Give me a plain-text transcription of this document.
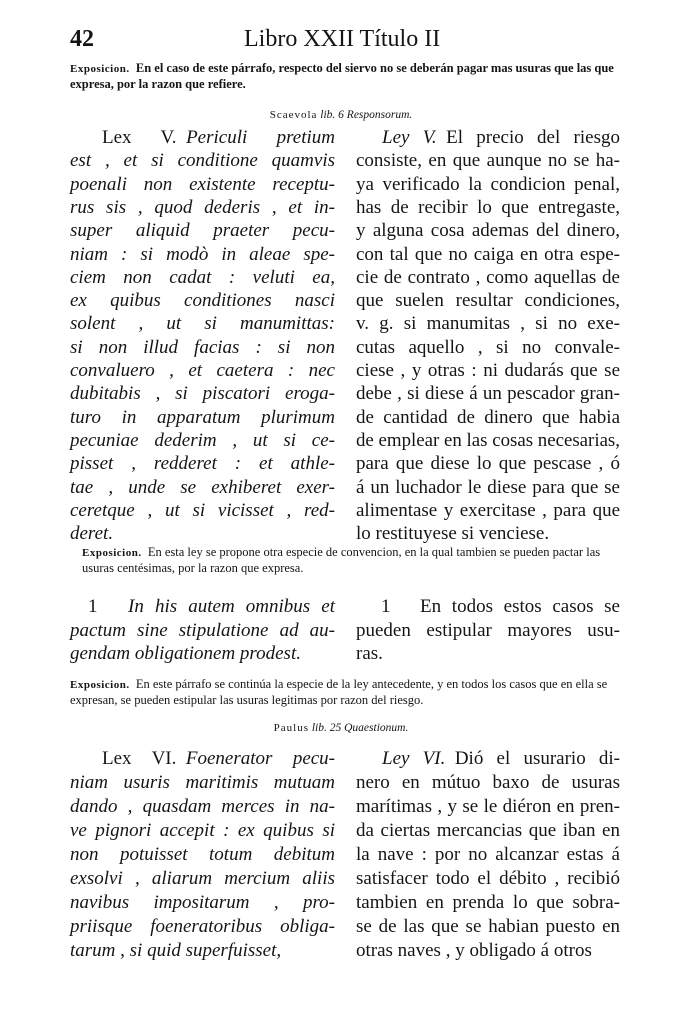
42	Libro XXII Título II

Exposicion. En el caso de este párrafo, respecto del siervo no se deberán pagar mas usuras que las que expresa, por la razon que refiere.

Scaevola lib. 6 Responsorum.
Lex V.  Periculi pretium
est , et si conditione quamvis
poenali non existente receptu-
rus sis , quod dederis , et in-
super aliquid praeter pecu-
niam : si modò in aleae spe-
ciem non cadat : veluti ea,
ex quibus conditiones nasci
solent , ut si manumittas:
si non illud facias : si non
convaluero , et caetera : nec
dubitabis , si piscatori eroga-
turo in apparatum plurimum
pecuniae dederim , ut si ce-
pisset , redderet : et athle-
tae , unde se exhiberet exer-
ceretque , ut si vicisset , red-
deret.
Ley V.  El precio del riesgo
consiste, en que aunque no se ha-
ya verificado la condicion penal,
has de recibir lo que entregaste,
y alguna cosa ademas del dinero,
con tal que no caiga en otra espe-
cie de contrato , como aquellas de
que suelen resultar condiciones,
v. g. si manumitas , si no exe-
cutas aquello , si no convale-
ciese , y otras : ni dudarás que se
debe , si diese á un pescador gran-
de cantidad de dinero que habia
de emplear en las cosas necesarias,
para que diese lo que pescase , ó
á un luchador le diese para que se
alimentase y exercitase , para que
lo restituyese si venciese.

Exposicion. En esta ley se propone otra especie de convencion, en la qual tambien se pueden pactar las usuras centésimas, por la razon que expresa.

1 In his autem omnibus et
pactum sine stipulatione ad au-
gendam obligationem prodest.
1 En todos estos casos se
pueden estipular mayores usu-
ras.

Exposicion. En este párrafo se continúa la especie de la ley antecedente, y en todos los casos que en ella se expresan, se pueden estipular las usuras legitimas por razon del riesgo.

Paulus lib. 25 Quaestionum.
Lex VI.  Foenerator pecu-
niam usuris maritimis mutuam
dando , quasdam merces in na-
ve pignori accepit : ex quibus si
non potuisset totum debitum
exsolvi , aliarum mercium aliis
navibus impositarum , pro-
priisque foeneratoribus obliga-
tarum , si quid superfuisset,
Ley VI.  Dió el usurario di-
nero en mútuo baxo de usuras
marítimas , y se le diéron en pren-
da ciertas mercancias que iban en
la nave : por no alcanzar estas á
satisfacer todo el débito , recibió
tambien en prenda lo que sobra-
se de las que se habian puesto en
otras naves , y obligado á otros
